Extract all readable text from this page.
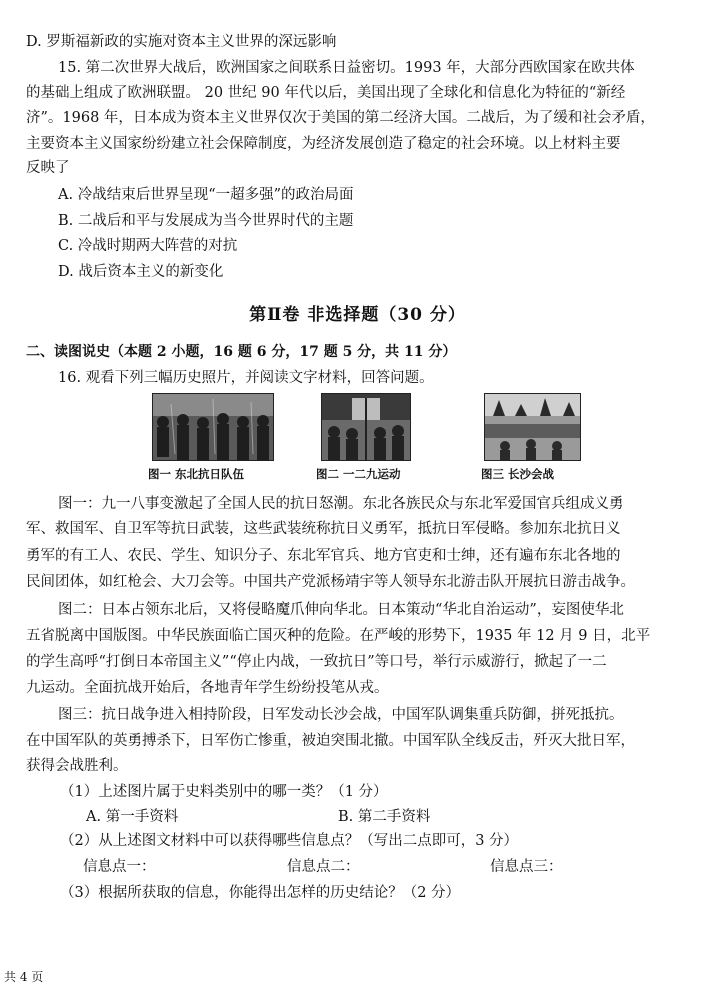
D. 罗斯福新政的实施对资本主义世界的深远影响
15. 第二次世界大战后，欧洲国家之间联系日益密切。1993 年，大部分西欧国家在欧共体
的基础上组成了欧洲联盟。 20 世纪 90 年代以后，美国出现了全球化和信息化为特征的“新经
济”。1968 年，日本成为资本主义世界仅次于美国的第二经济大国。二战后，为了缓和社会矛盾，
主要资本主义国家纷纷建立社会保障制度，为经济发展创造了稳定的社会环境。以上材料主要
反映了
A. 冷战结束后世界呈现“一超多强”的政治局面
B. 二战后和平与发展成为当今世界时代的主题
C. 冷战时期两大阵营的对抗
D. 战后资本主义的新变化
第Ⅱ卷 非选择题（30 分）
二、读图说史（本题 2 小题，16 题 6 分，17 题 5 分，共 11 分）
16. 观看下列三幅历史照片，并阅读文字材料，回答问题。
图一 东北抗日队伍	图二 一二九运动	图三 长沙会战
图一：九一八事变激起了全国人民的抗日怒潮。东北各族民众与东北军爱国官兵组成义勇
军、救国军、自卫军等抗日武装，这些武装统称抗日义勇军，抵抗日军侵略。参加东北抗日义
勇军的有工人、农民、学生、知识分子、东北军官兵、地方官吏和士绅，还有遍布东北各地的
民间团体，如红枪会、大刀会等。中国共产党派杨靖宇等人领导东北游击队开展抗日游击战争。
图二：日本占领东北后，又将侵略魔爪伸向华北。日本策动“华北自治运动”，妄图使华北
五省脱离中国版图。中华民族面临亡国灭种的危险。在严峻的形势下，1935 年 12 月 9 日，北平
的学生高呼“打倒日本帝国主义”“停止内战，一致抗日”等口号，举行示威游行，掀起了一二
九运动。全面抗战开始后，各地青年学生纷纷投笔从戎。
图三：抗日战争进入相持阶段，日军发动长沙会战，中国军队调集重兵防御，拼死抵抗。
在中国军队的英勇搏杀下，日军伤亡惨重，被迫突围北撤。中国军队全线反击，歼灭大批日军，
获得会战胜利。
（1）上述图片属于史料类别中的哪一类？（1 分）
A. 第一手资料	B. 第二手资料
（2）从上述图文材料中可以获得哪些信息点？（写出二点即可，3 分）
信息点一：	信息点二：	信息点三：
（3）根据所获取的信息，你能得出怎样的历史结论？（2 分）
共 4 页
